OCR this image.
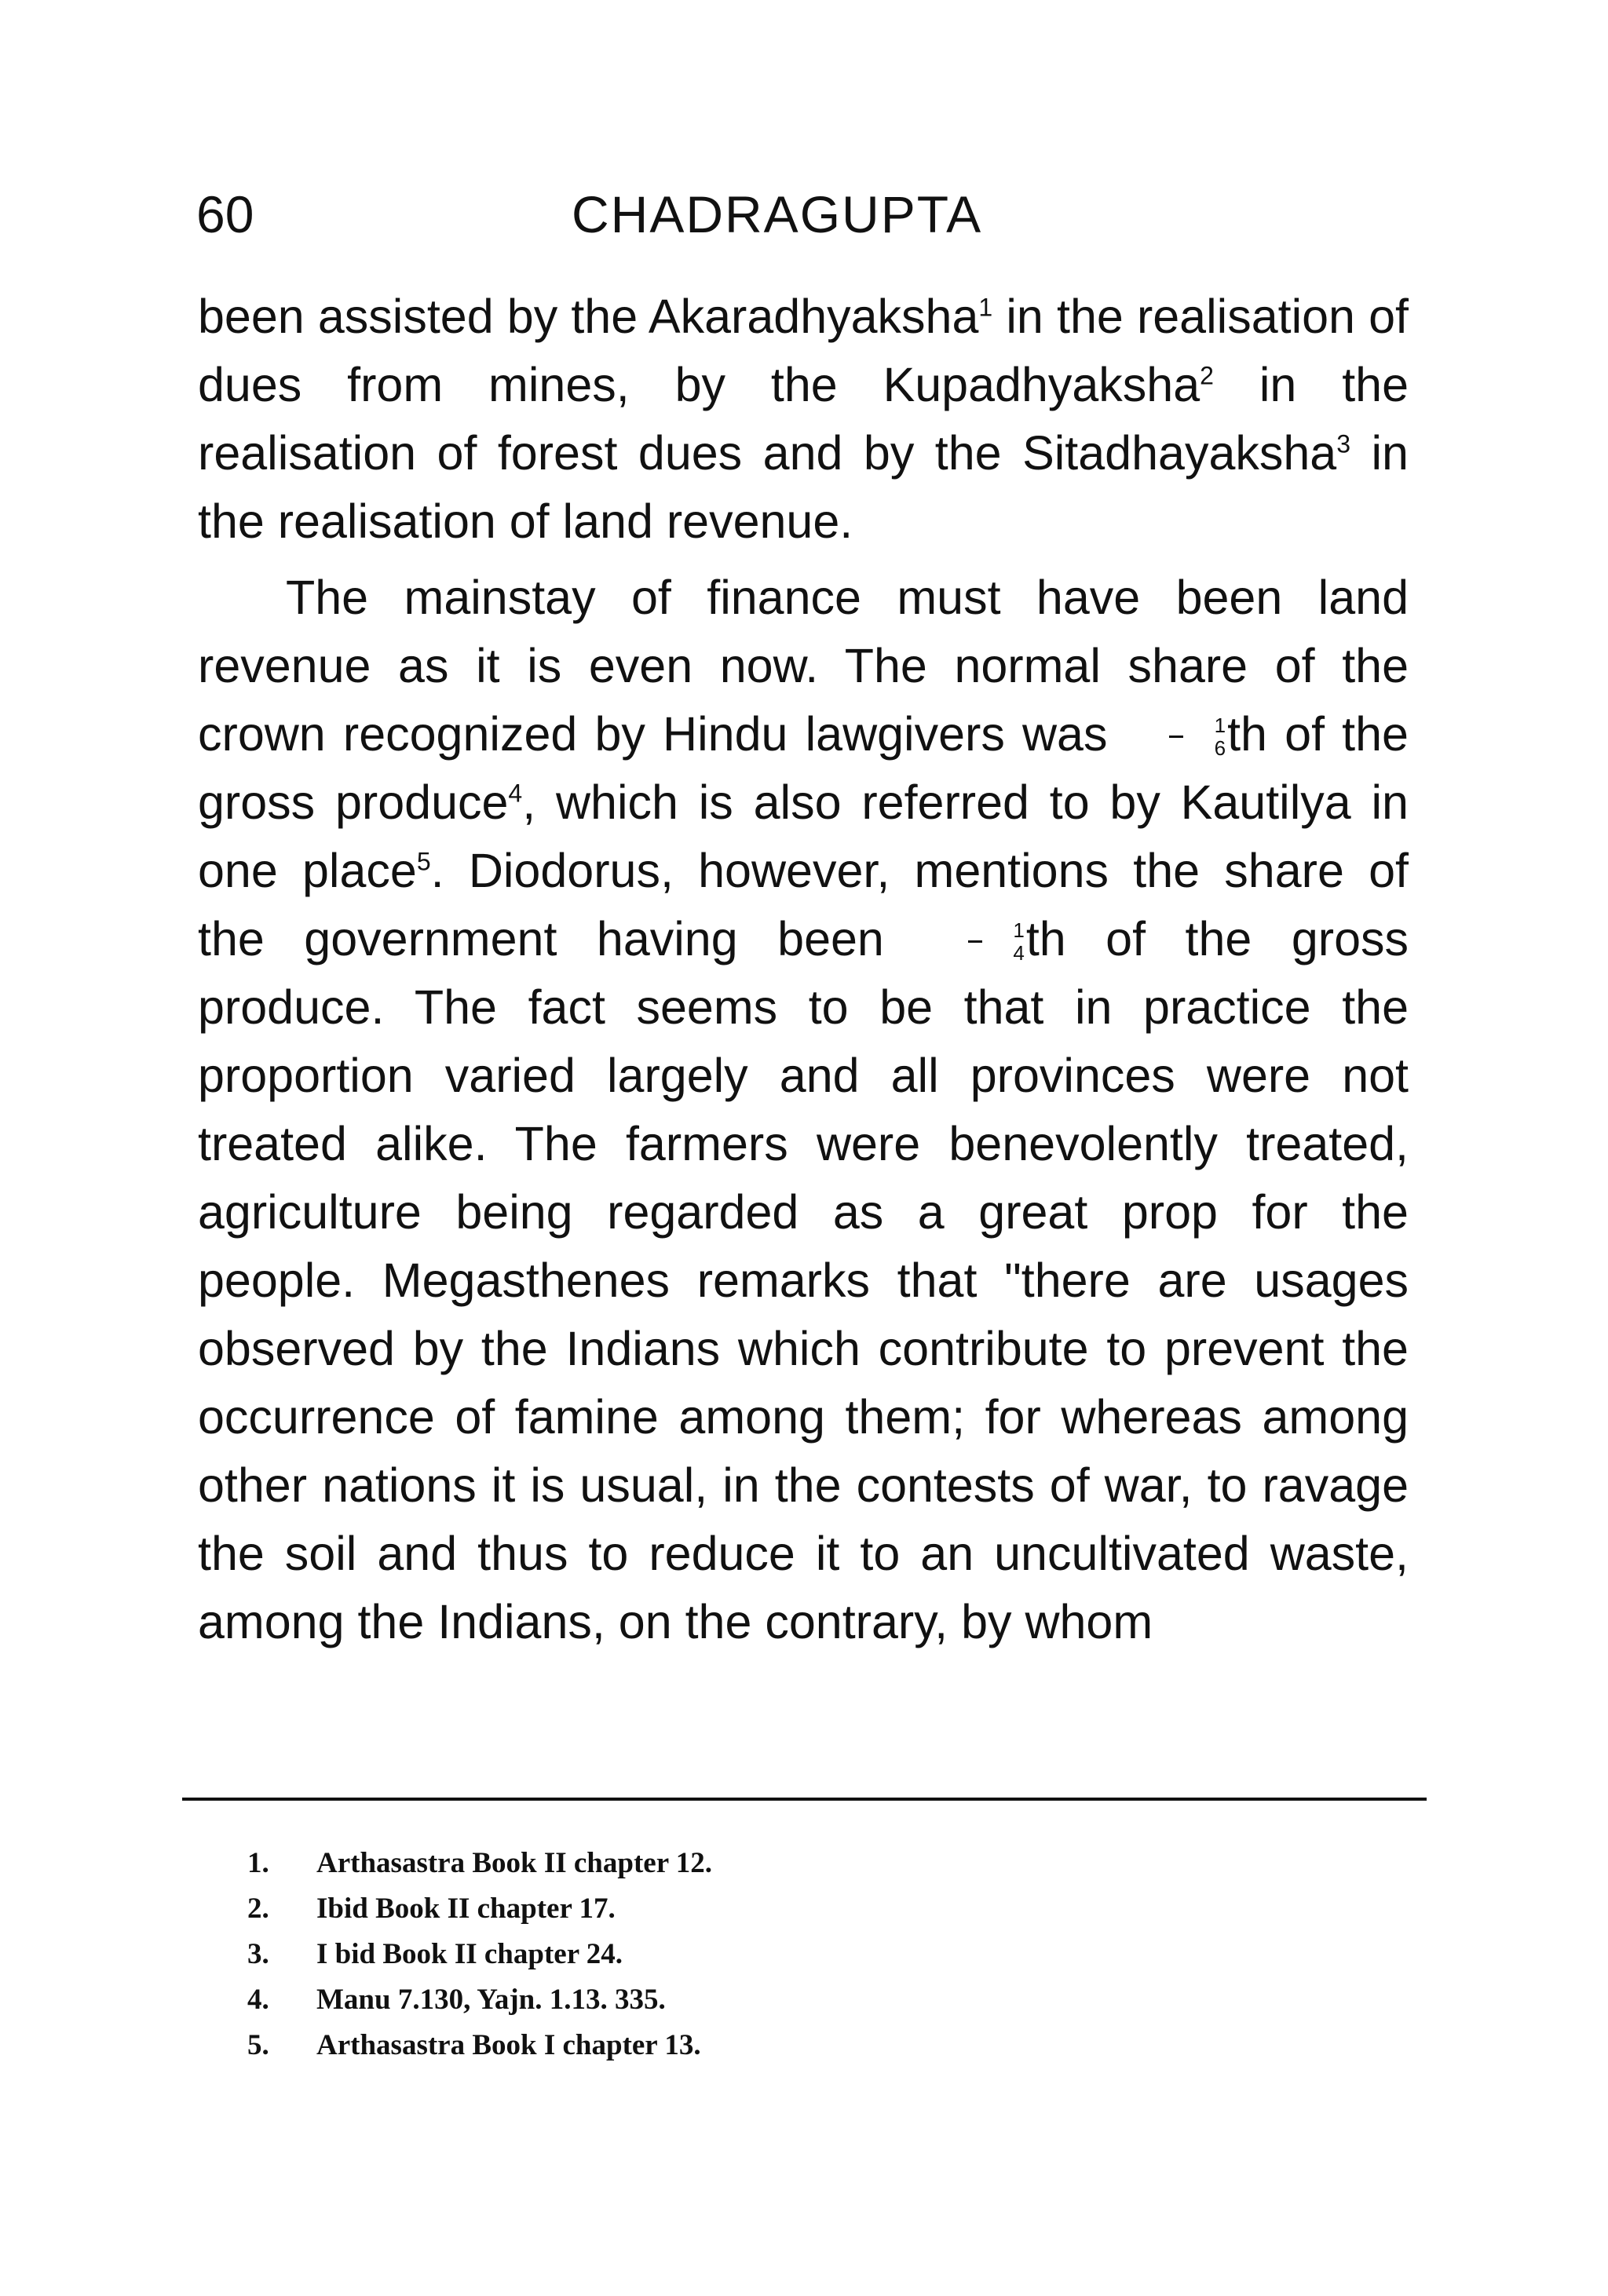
60	CHADRAGUPTA

been assisted by the Akaradhyaksha$^1$ in the realisation of dues from mines, by the Kupadhyaksha$^2$ in the realisation of forest dues and by the Sitadhayaksha$^3$ in the realisation of land revenue.

The mainstay of finance must have been land revenue as it is even now. The normal share of the crown recognized by Hindu lawgivers was $\frac{1}{6}$ th of the gross produce$^4$, which is also referred to by Kautilya in one place$^5$. Diodorus, however, mentions the share of the government having been $\frac{1}{4}$ th of the gross produce. The fact seems to be that in practice the proportion varied largely and all provinces were not treated alike. The farmers were benevolently treated, agriculture being regarded as a great prop for the people. Megasthenes remarks that "there are usages observed by the Indians which contribute to prevent the occurrence of famine among them; for whereas among other nations it is usual, in the contests of war, to ravage the soil and thus to reduce it to an uncultivated waste, among the Indians, on the contrary, by whom

1.	Arthasastra Book II chapter 12.

2.	Ibid Book II chapter 17.

3.	I bid Book II chapter 24.

4.	Manu 7.130, Yajn. 1.13. 335.

5.	Arthasastra Book I chapter 13.
